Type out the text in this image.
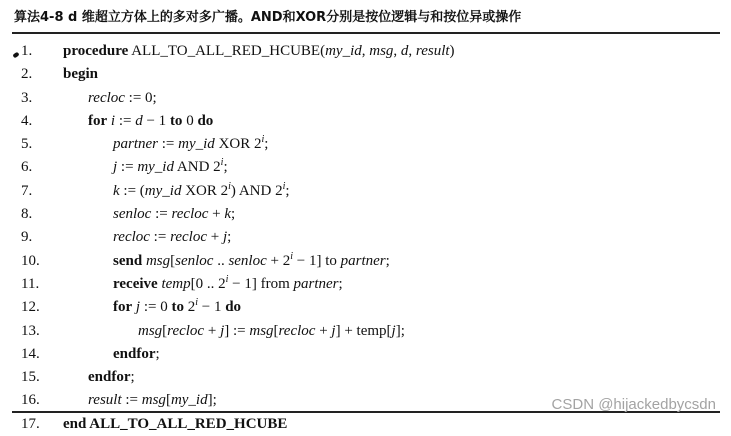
算法4-8 d 维超立方体上的多对多广播。AND和XOR分别是按位逻辑与和按位异或操作
1. procedure ALL_TO_ALL_RED_HCUBE(my_id, msg, d, result)
2. begin
3.	recloc := 0;
4.	for i := d − 1 to 0 do
5.	partner := my_id XOR 2$^i$;
6.	j := my_id AND 2$^i$;
7.	k := (my_id XOR 2$^i$) AND 2$^i$;
8.	senloc := recloc + k;
9.	recloc := recloc + j;
10.	send msg[senloc .. senloc + $2^i - 1$] to partner;
11.	receive temp[0 .. $2^i - 1$] from partner;
12.	for j := 0 to $2^i - 1$ do
13.	msg[recloc + j] := msg[recloc + j] + temp[j];
14.	endfor;
15.	endfor;
16.	result := msg[my_id];
17. end ALL_TO_ALL_RED_HCUBE
CSDN @hijackedbycsdn
